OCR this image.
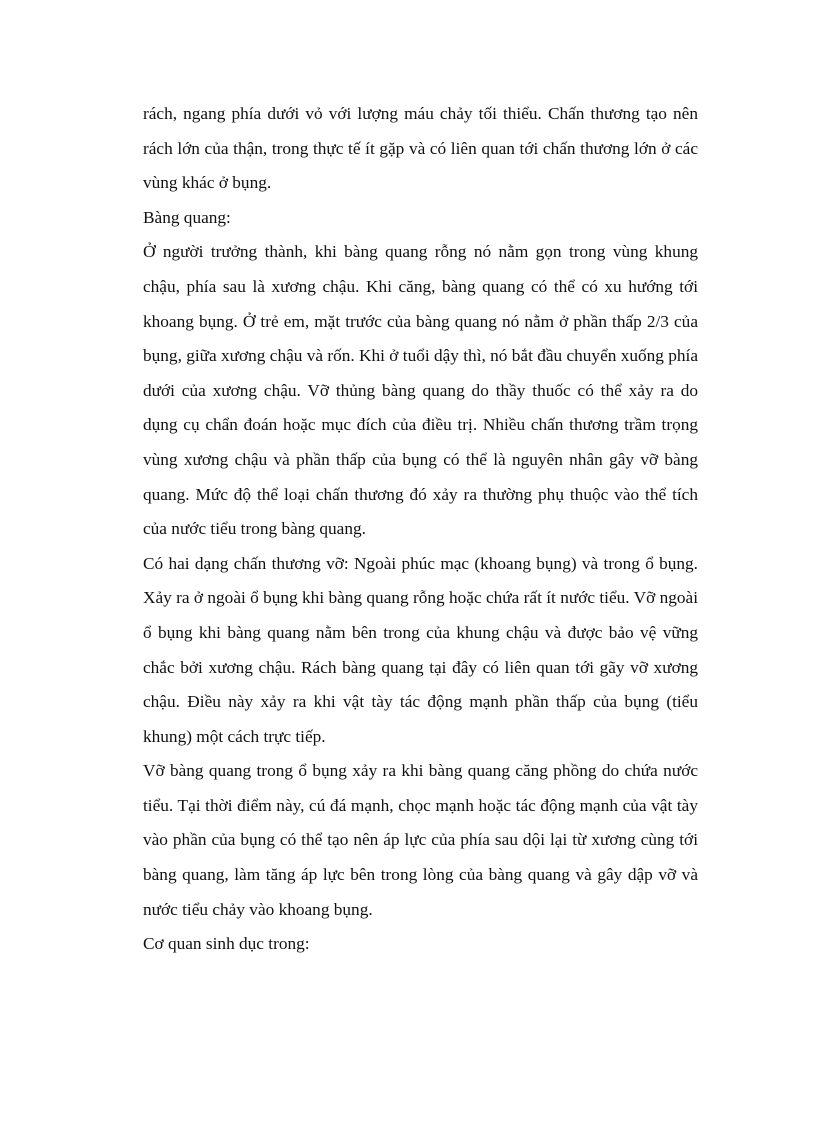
rách, ngang phía dưới vỏ với lượng máu chảy tối thiểu. Chấn thương tạo nên rách lớn của thận, trong thực tế ít gặp và có liên quan tới chấn thương lớn ở các vùng khác ở bụng.

Bàng quang:

Ở người trưởng thành, khi bàng quang rỗng nó nằm gọn trong vùng khung chậu, phía sau là xương chậu. Khi căng, bàng quang có thể có xu hướng tới khoang bụng. Ở trẻ em, mặt trước của bàng quang nó nằm ở phần thấp 2/3 của bụng, giữa xương chậu và rốn. Khi ở tuổi dậy thì, nó bắt đầu chuyển xuống phía dưới của xương chậu. Vỡ thủng bàng quang do thầy thuốc có thể xảy ra do dụng cụ chẩn đoán hoặc mục đích của điều trị. Nhiều chấn thương trầm trọng vùng xương chậu và phần thấp của bụng có thể là nguyên nhân gây vỡ bàng quang. Mức độ thể loại chấn thương đó xảy ra thường phụ thuộc vào thể tích của nước tiểu trong bàng quang.

Có hai dạng chấn thương vỡ: Ngoài phúc mạc (khoang bụng) và trong ổ bụng. Xảy ra ở ngoài ổ bụng khi bàng quang rỗng hoặc chứa rất ít nước tiểu. Vỡ ngoài ổ bụng khi bàng quang nằm bên trong của khung chậu và được bảo vệ vững chắc bởi xương chậu. Rách bàng quang tại đây có liên quan tới gãy vỡ xương chậu. Điều này xảy ra khi vật tày tác động mạnh phần thấp của bụng (tiểu khung) một cách trực tiếp.

Vỡ bàng quang trong ổ bụng xảy ra khi bàng quang căng phồng do chứa nước tiểu. Tại thời điểm này, cú đá mạnh, chọc mạnh hoặc tác động mạnh của vật tày vào phần của bụng có thể tạo nên áp lực của phía sau dội lại từ xương cùng tới bàng quang, làm tăng áp lực bên trong lòng của bàng quang và gây dập vỡ và nước tiểu chảy vào khoang bụng.

Cơ quan sinh dục trong:
